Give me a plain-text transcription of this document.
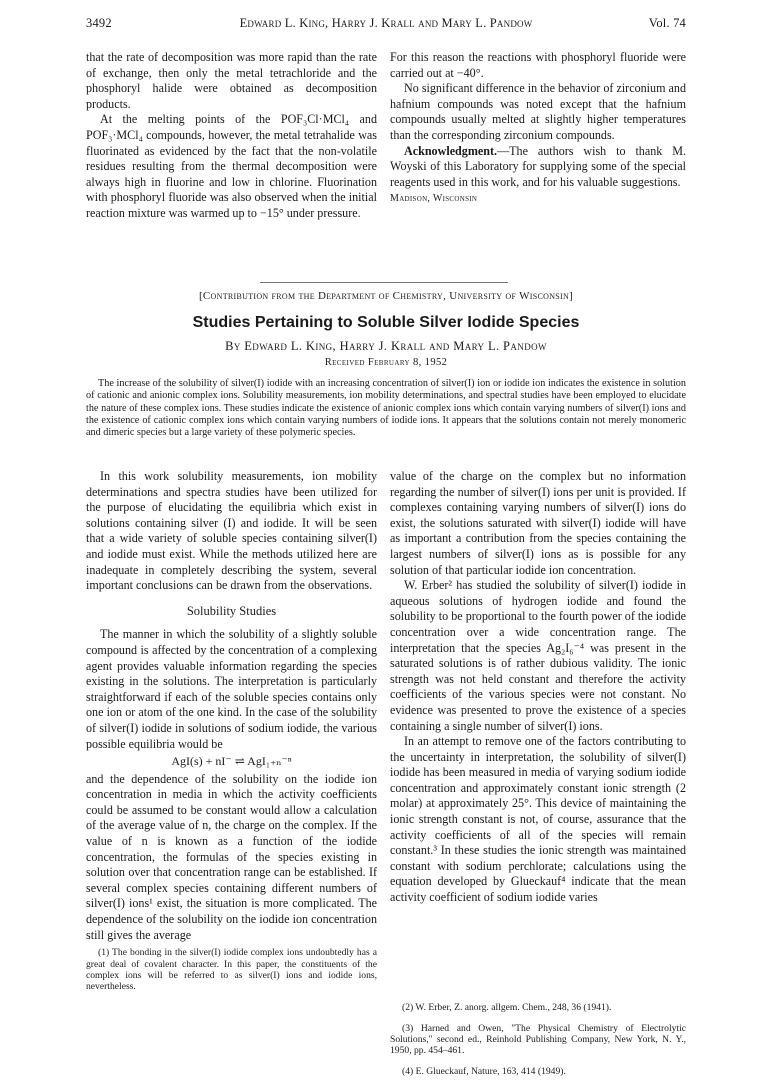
3492	Edward L. King, Harry J. Krall and Mary L. Pandow	Vol. 74

that the rate of decomposition was more rapid than the rate of exchange, then only the metal tetrachloride and the phosphoryl halide were obtained as decomposition products.

At the melting points of the POF₃Cl·MCl₄ and POF₃·MCl₄ compounds, however, the metal tetrahalide was fluorinated as evidenced by the fact that the non-volatile residues resulting from the thermal decomposition were always high in fluorine and low in chlorine. Fluorination with phosphoryl fluoride was also observed when the initial reaction mixture was warmed up to −15° under pressure.

For this reason the reactions with phosphoryl fluoride were carried out at −40°.

No significant difference in the behavior of zirconium and hafnium compounds was noted except that the hafnium compounds usually melted at slightly higher temperatures than the corresponding zirconium compounds.

Acknowledgment.—The authors wish to thank M. Woyski of this Laboratory for supplying some of the special reagents used in this work, and for his valuable suggestions.

Madison, Wisconsin

[Contribution from the Department of Chemistry, University of Wisconsin]
Studies Pertaining to Soluble Silver Iodide Species
By Edward L. King, Harry J. Krall and Mary L. Pandow
Received February 8, 1952

The increase of the solubility of silver(I) iodide with an increasing concentration of silver(I) ion or iodide ion indicates the existence in solution of cationic and anionic complex ions. Solubility measurements, ion mobility determinations, and spectral studies have been employed to elucidate the nature of these complex ions. These studies indicate the existence of anionic complex ions which contain varying numbers of silver(I) ions and the existence of cationic complex ions which contain varying numbers of iodide ions. It appears that the solutions contain not merely monomeric and dimeric species but a large variety of these polymeric species.

In this work solubility measurements, ion mobility determinations and spectra studies have been utilized for the purpose of elucidating the equilibria which exist in solutions containing silver (I) and iodide. It will be seen that a wide variety of soluble species containing silver(I) and iodide must exist. While the methods utilized here are inadequate in completely describing the system, several important conclusions can be drawn from the observations.

Solubility Studies

The manner in which the solubility of a slightly soluble compound is affected by the concentration of a complexing agent provides valuable information regarding the species existing in the solutions. The interpretation is particularly straightforward if each of the soluble species contains only one ion or atom of the one kind. In the case of the solubility of silver(I) iodide in solutions of sodium iodide, the various possible equilibria would be

AgI(s) + nI⁻ ⇌ AgI₁₊ₙ⁻ⁿ

and the dependence of the solubility on the iodide ion concentration in media in which the activity coefficients could be assumed to be constant would allow a calculation of the average value of n, the charge on the complex. If the value of n is known as a function of the iodide concentration, the formulas of the species existing in solution over that concentration range can be established. If several complex species containing different numbers of silver(I) ions¹ exist, the situation is more complicated. The dependence of the solubility on the iodide ion concentration still gives the average

(1) The bonding in the silver(I) iodide complex ions undoubtedly has a great deal of covalent character. In this paper, the constituents of the complex ions will be referred to as silver(I) ions and iodide ions, nevertheless.

value of the charge on the complex but no information regarding the number of silver(I) ions per unit is provided. If complexes containing varying numbers of silver(I) ions do exist, the solutions saturated with silver(I) iodide will have as important a contribution from the species containing the largest numbers of silver(I) ions as is possible for any solution of that particular iodide ion concentration.

W. Erber² has studied the solubility of silver(I) iodide in aqueous solutions of hydrogen iodide and found the solubility to be proportional to the fourth power of the iodide concentration over a wide concentration range. The interpretation that the species Ag₂I₆⁻⁴ was present in the saturated solutions is of rather dubious validity. The ionic strength was not held constant and therefore the activity coefficients of the various species were not constant. No evidence was presented to prove the existence of a species containing a single number of silver(I) ions.

In an attempt to remove one of the factors contributing to the uncertainty in interpretation, the solubility of silver(I) iodide has been measured in media of varying sodium iodide concentration and approximately constant ionic strength (2 molar) at approximately 25°. This device of maintaining the ionic strength constant is not, of course, assurance that the activity coefficients of all of the species will remain constant.³ In these studies the ionic strength was maintained constant with sodium perchlorate; calculations using the equation developed by Glueckauf⁴ indicate that the mean activity coefficient of sodium iodide varies

(2) W. Erber, Z. anorg. allgem. Chem., 248, 36 (1941).

(3) Harned and Owen, "The Physical Chemistry of Electrolytic Solutions," second ed., Reinhold Publishing Company, New York, N. Y., 1950, pp. 454–461.

(4) E. Glueckauf, Nature, 163, 414 (1949).
